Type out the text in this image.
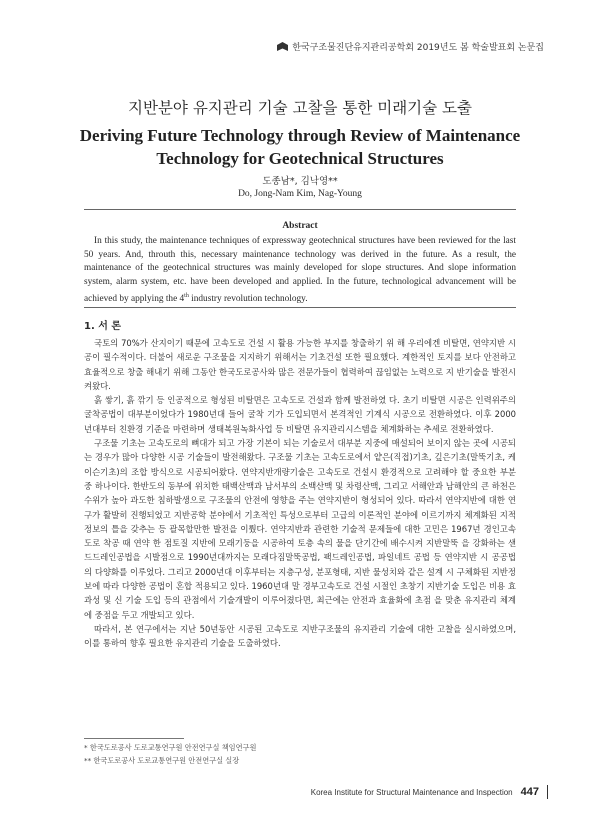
한국구조물진단유지관리공학회 2019년도 봄 학술발표회 논문집
지반분야 유지관리 기술 고찰을 통한 미래기술 도출
Deriving Future Technology through Review of Maintenance Technology for Geotechnical Structures
도종남*, 김낙영**
Do, Jong-Nam Kim, Nag-Young
Abstract

In this study, the maintenance techniques of expressway geotechnical structures have been reviewed for the last 50 years. And, throuth this, necessary maintenance technology was derived in the future. As a result, the maintenance of the geotechnical structures was mainly developed for slope structures. And slope information system, alarm system, etc. have been developed and applied. In the future, technological advancement will be achieved by applying the 4th industry revolution technology.

1. 서 론

국토의 70%가 산지이기 때문에 고속도로 건설 시 활용 가능한 부지를 창출하기 위 해 우리에겐 비탈면, 연약지반 시공이 필수적이다. 더불어 새로운 구조물을 지지하기 위해서는 기초건설 또한 필요했다. 계한적인 토지를 보다 안전하고 효율적으로 창출 해내기 위해 그동안 한국도로공사와 많은 전문가들이 협력하여 끊임없는 노력으로 지 반기술을 발전시켜왔다.

흙 쌓기, 흙 깎기 등 인공적으로 형성된 비탈면은 고속도로 건설과 함께 발전하였 다. 초기 비탈면 시공은 인력위주의 굴착공법이 대부분이었다가 1980년대 들어 굴착 기가 도입되면서 본격적인 기계식 시공으로 전환하였다. 이후 2000년대부터 친환경 기준을 마련하며 생태복원녹화사업 등 비탈면 유지관리시스템을 체계화하는 추세로 전환하였다.

구조물 기초는 고속도로의 뼈대가 되고 가장 기본이 되는 기술로서 대부분 지중에 매설되어 보이지 않는 곳에 시공되는 경우가 많아 다양한 시공 기술들이 발전해왔다. 구조물 기초는 고속도로에서 얕은(직접)기초, 깊은기초(말뚝기초, 케이슨기초)의 조합 방식으로 시공되어왔다. 연약지반개량기술은 고속도로 건설시 환경적으로 고려해야 할 중요한 부분 중 하나이다. 한반도의 동부에 위치한 태백산맥과 남서부의 소백산맥 및 차령산맥, 그리고 서해안과 남해안의 큰 하천은 수위가 높아 과도한 침하발생으로 구조물의 안전에 영향을 주는 연약지반이 형성되어 있다. 따라서 연약지반에 대한 연 구가 활발히 진행되었고 지반공학 분야에서 기초적인 특성으로부터 고급의 이론적인 분야에 이르기까지 체계화된 지적정보의 틀을 갖추는 등 괄목할만한 발전을 이뤘다. 연약지반과 관련한 기술적 문제들에 대한 고민은 1967년 경인고속도로 착공 때 연약 한 점토질 지반에 모래기둥을 시공하여 토층 속의 물을 단기간에 배수시켜 지반말뚝 을 강화하는 샌드드레인공법을 시발점으로 1990년대까지는 모래다짐말뚝공법, 팩드레인공법, 파일네트 공법 등 연약지반 시 공공법의 다양화를 이루었다. 그리고 2000년대 이후부터는 지층구성, 분포형태, 지반 물성치와 같은 설계 시 구체화된 지반정보에 따라 다양한 공법이 혼합 적용되고 있다. 1960년대 말 경부고속도로 건설 시절인 초창기 지반기술 도입은 비용 효과성 및 신 기술 도입 등의 관점에서 기술개발이 이루어졌다면, 최근에는 안전과 효율화에 초점 을 맞춘 유지관리 체계에 중점을 두고 개발되고 있다.

따라서, 본 연구에서는 지난 50년동안 시공된 고속도로 지반구조물의 유지관리 기술에 대한 고찰을 실시하였으며, 이를 통하여 향후 필요한 유지관리 기술을 도출하였다.

* 한국도로공사 도로교통연구원 안전연구실 책임연구원
** 한국도로공사 도로교통연구원 안전연구실 실장
Korea Institute for Structural Maintenance and Inspection 447
